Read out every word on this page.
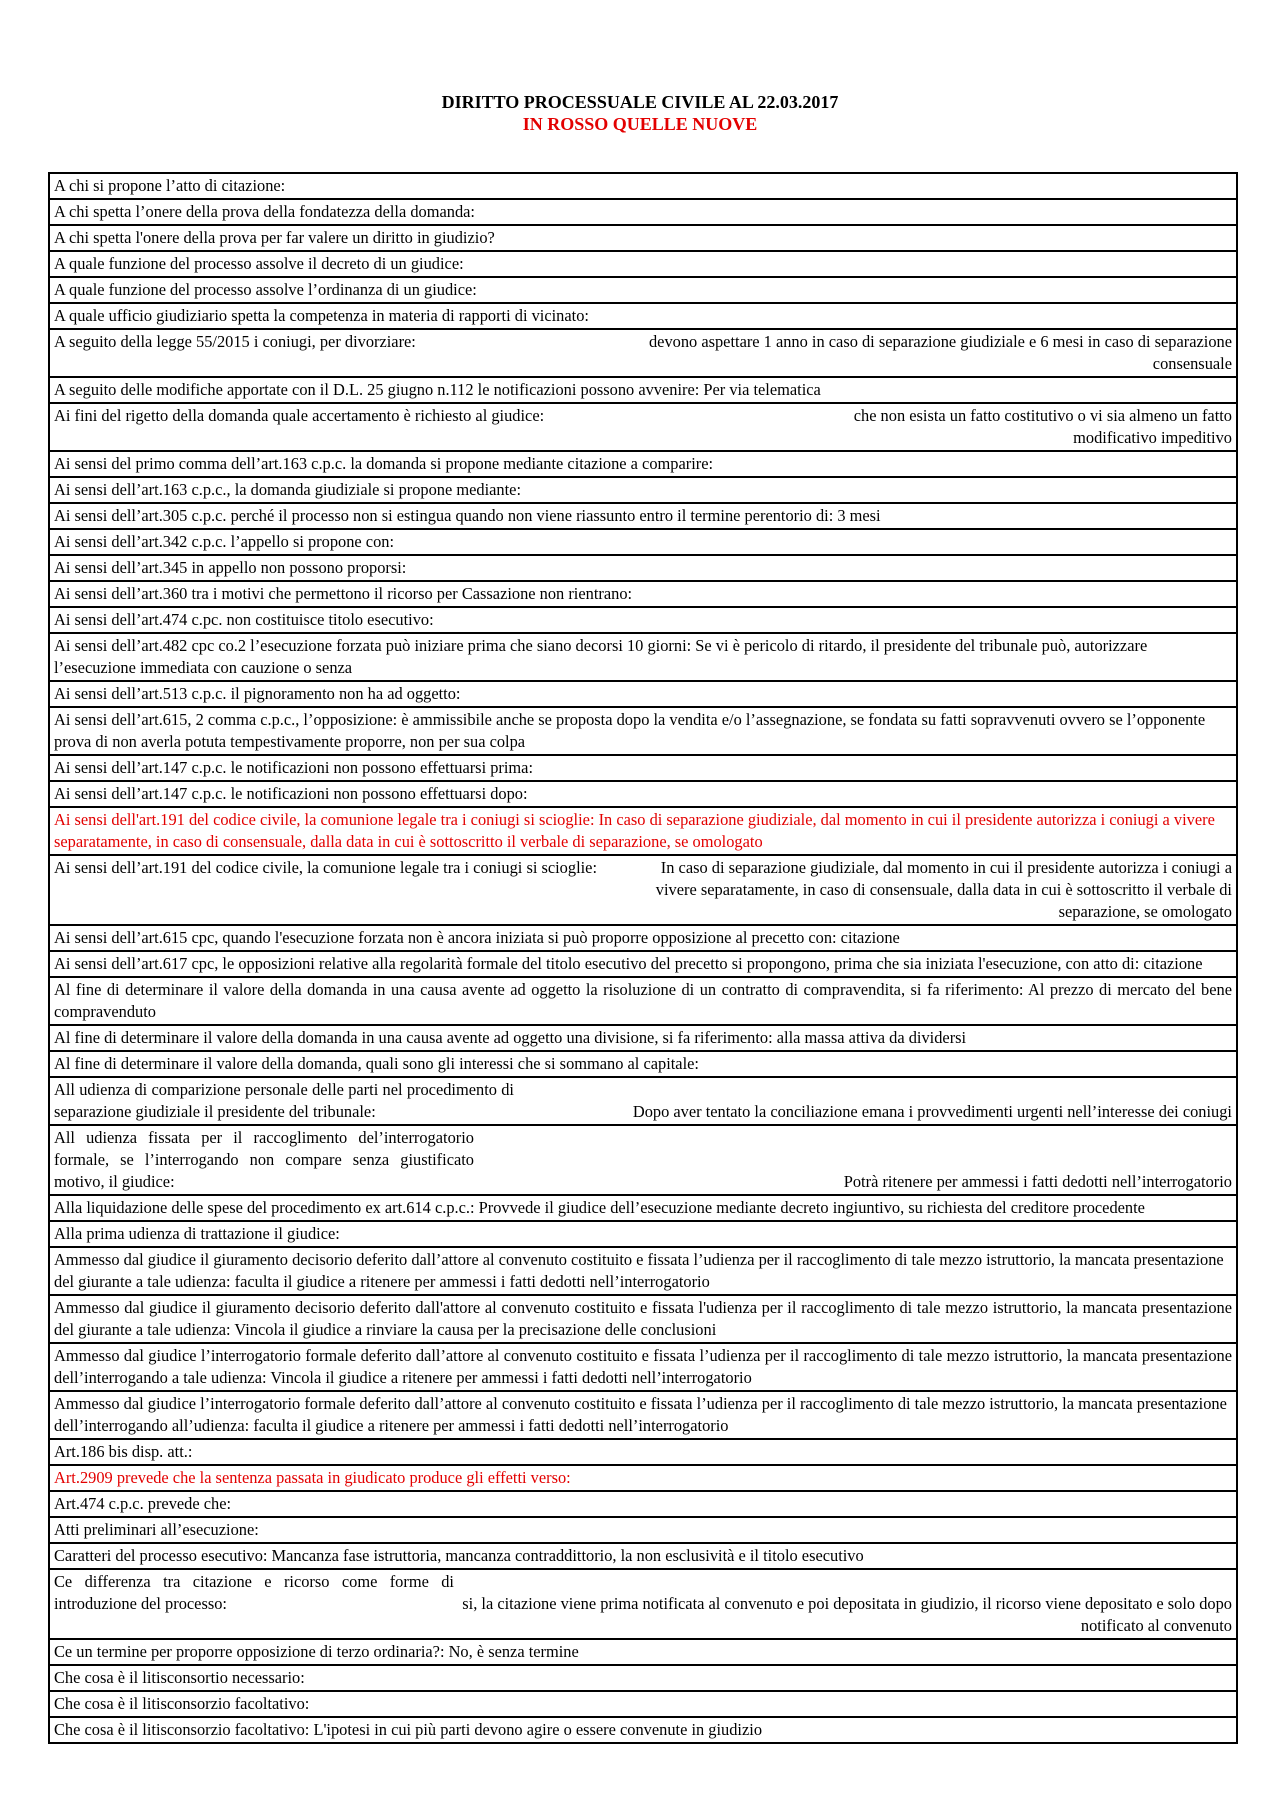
DIRITTO PROCESSUALE CIVILE AL 22.03.2017
IN ROSSO QUELLE NUOVE
A chi si propone l’atto di citazione:
A chi spetta l’onere della prova della fondatezza della domanda:
A chi spetta l'onere della prova per far valere un diritto in giudizio?
A quale funzione del processo assolve il decreto di un giudice:
A quale funzione del processo assolve l’ordinanza di un giudice:
A quale ufficio giudiziario spetta la competenza in materia di rapporti di vicinato:
A seguito della legge 55/2015 i coniugi, per divorziare:	devono aspettare 1 anno in caso di separazione giudiziale e 6 mesi in caso di separazione consensuale
A seguito delle modifiche apportate con il D.L. 25 giugno n.112 le notificazioni possono avvenire: Per via telematica
Ai fini del rigetto della domanda quale accertamento è richiesto al giudice:	che non esista un fatto costitutivo o vi sia almeno un fatto modificativo impeditivo
Ai sensi del primo comma dell’art.163 c.p.c. la domanda si propone mediante citazione a comparire:
Ai sensi dell’art.163 c.p.c., la domanda giudiziale si propone mediante:
Ai sensi dell’art.305 c.p.c. perché il processo non si estingua quando non viene riassunto entro il termine perentorio di: 3 mesi
Ai sensi dell’art.342 c.p.c. l’appello si propone con:
Ai sensi dell’art.345 in appello non possono proporsi:
Ai sensi dell’art.360 tra i motivi che permettono il ricorso per Cassazione non rientrano:
Ai sensi dell’art.474 c.pc. non costituisce titolo esecutivo:
Ai sensi dell’art.482 cpc co.2 l’esecuzione forzata può iniziare prima che siano decorsi 10 giorni: Se vi è pericolo di ritardo, il presidente del tribunale può, autorizzare l’esecuzione immediata con cauzione o senza
Ai sensi dell’art.513 c.p.c. il pignoramento non ha ad oggetto:
Ai sensi dell’art.615, 2 comma c.p.c., l’opposizione: è ammissibile anche se proposta dopo la vendita e/o l’assegnazione, se fondata su fatti sopravvenuti ovvero se l’opponente prova di non averla potuta tempestivamente proporre, non per sua colpa
Ai sensi dell’art.147 c.p.c. le notificazioni non possono effettuarsi prima:
Ai sensi dell’art.147 c.p.c. le notificazioni non possono effettuarsi dopo:
Ai sensi dell'art.191 del codice civile, la comunione legale tra i coniugi si scioglie: In caso di separazione giudiziale, dal momento in cui il presidente autorizza i coniugi a vivere separatamente, in caso di consensuale, dalla data in cui è sottoscritto il verbale di separazione, se omologato
Ai sensi dell’art.191 del codice civile, la comunione legale tra i coniugi si scioglie:	In caso di separazione giudiziale, dal momento in cui il presidente autorizza i coniugi a vivere separatamente, in caso di consensuale, dalla data in cui è sottoscritto il verbale di separazione, se omologato
Ai sensi dell’art.615 cpc, quando l'esecuzione forzata non è ancora iniziata si può proporre opposizione al precetto con: citazione
Ai sensi dell’art.617 cpc, le opposizioni relative alla regolarità formale del titolo esecutivo del precetto si propongono, prima che sia iniziata l'esecuzione, con atto di: citazione
Al fine di determinare il valore della domanda in una causa avente ad oggetto la risoluzione di un contratto di compravendita, si fa riferimento: Al prezzo di mercato del bene compravenduto
Al fine di determinare il valore della domanda in una causa avente ad oggetto una divisione, si fa riferimento: alla massa attiva da dividersi
Al fine di determinare il valore della domanda, quali sono gli interessi che si sommano al capitale:
All udienza di comparizione personale delle parti nel procedimento di separazione giudiziale il presidente del tribunale:	Dopo aver tentato la conciliazione emana i provvedimenti urgenti nell’interesse dei coniugi
All udienza fissata per il raccoglimento del’interrogatorio formale, se l’interrogando non compare senza giustificato motivo, il giudice:	Potrà ritenere per ammessi i fatti dedotti nell’interrogatorio
Alla liquidazione delle spese del procedimento ex art.614 c.p.c.: Provvede il giudice dell’esecuzione mediante decreto ingiuntivo, su richiesta del creditore procedente
Alla prima udienza di trattazione il giudice:
Ammesso dal giudice il giuramento decisorio deferito dall’attore al convenuto costituito e fissata l’udienza per il raccoglimento di tale mezzo istruttorio, la mancata presentazione del giurante a tale udienza: faculta il giudice a ritenere per ammessi i fatti dedotti nell’interrogatorio
Ammesso dal giudice il giuramento decisorio deferito dall'attore al convenuto costituito e fissata l'udienza per il raccoglimento di tale mezzo istruttorio, la mancata presentazione del giurante a tale udienza: Vincola il giudice a rinviare la causa per la precisazione delle conclusioni
Ammesso dal giudice l’interrogatorio formale deferito dall’attore al convenuto costituito e fissata l’udienza per il raccoglimento di tale mezzo istruttorio, la mancata presentazione dell’interrogando a tale udienza: Vincola il giudice a ritenere per ammessi i fatti dedotti nell’interrogatorio
Ammesso dal giudice l’interrogatorio formale deferito dall’attore al convenuto costituito e fissata l’udienza per il raccoglimento di tale mezzo istruttorio, la mancata presentazione dell’interrogando all’udienza: faculta il giudice a ritenere per ammessi i fatti dedotti nell’interrogatorio
Art.186 bis disp. att.:
Art.2909 prevede che la sentenza passata in giudicato produce gli effetti verso:
Art.474 c.p.c. prevede che:
Atti preliminari all’esecuzione:
Caratteri del processo esecutivo: Mancanza fase istruttoria, mancanza contraddittorio, la non esclusività e il titolo esecutivo
Ce differenza tra citazione e ricorso come forme di introduzione del processo:	si, la citazione viene prima notificata al convenuto e poi depositata in giudizio, il ricorso viene depositato e solo dopo notificato al convenuto
Ce un termine per proporre opposizione di terzo ordinaria?: No, è senza termine
Che cosa è il litisconsortio necessario:
Che cosa è il litisconsorzio facoltativo:
Che cosa è il litisconsorzio facoltativo: L'ipotesi in cui più parti devono agire o essere convenute in giudizio
